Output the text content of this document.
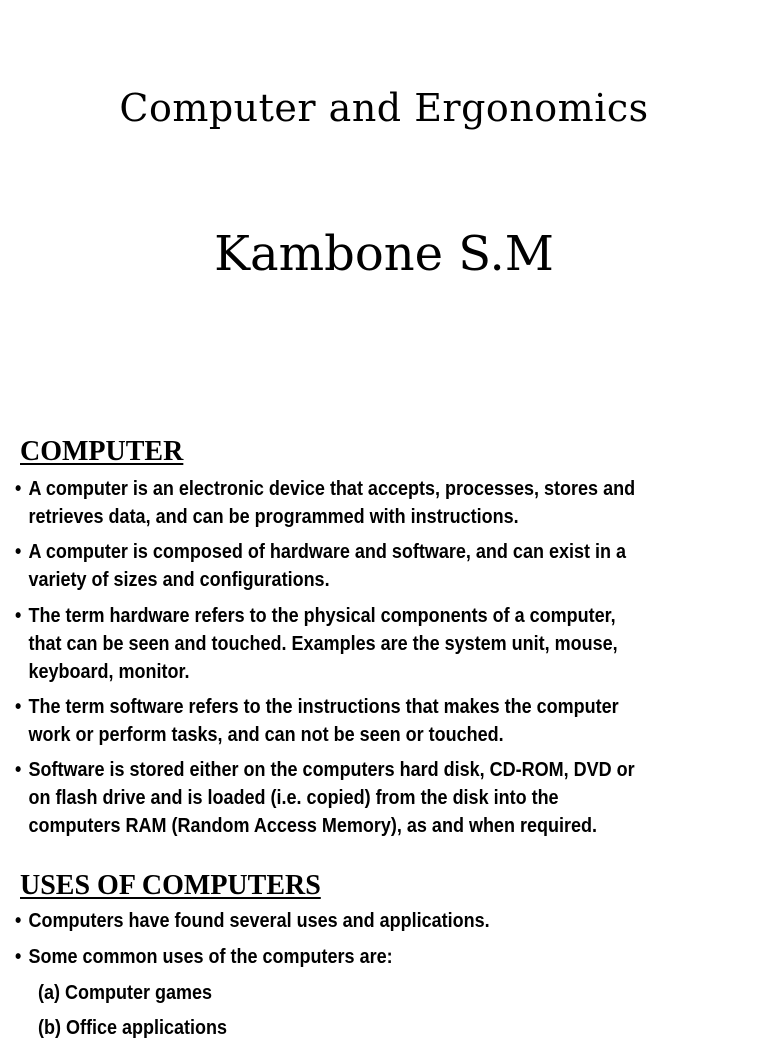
Computer and Ergonomics
Kambone S.M
COMPUTER

• A computer is an electronic device that accepts, processes, stores and
retrieves data, and can be programmed with instructions.

• A computer is composed of hardware and software, and can exist in a
variety of sizes and configurations.

• The term hardware refers to the physical components of a computer,
that can be seen and touched. Examples are the system unit, mouse,
keyboard, monitor.

• The term software refers to the instructions that makes the computer
work or perform tasks, and can not be seen or touched.

• Software is stored either on the computers hard disk, CD-ROM, DVD or
on flash drive and is loaded (i.e. copied) from the disk into the
computers RAM (Random Access Memory), as and when required.

USES OF COMPUTERS

• Computers have found several uses and applications.

• Some common uses of the computers are:

(a) Computer games

(b) Office applications
